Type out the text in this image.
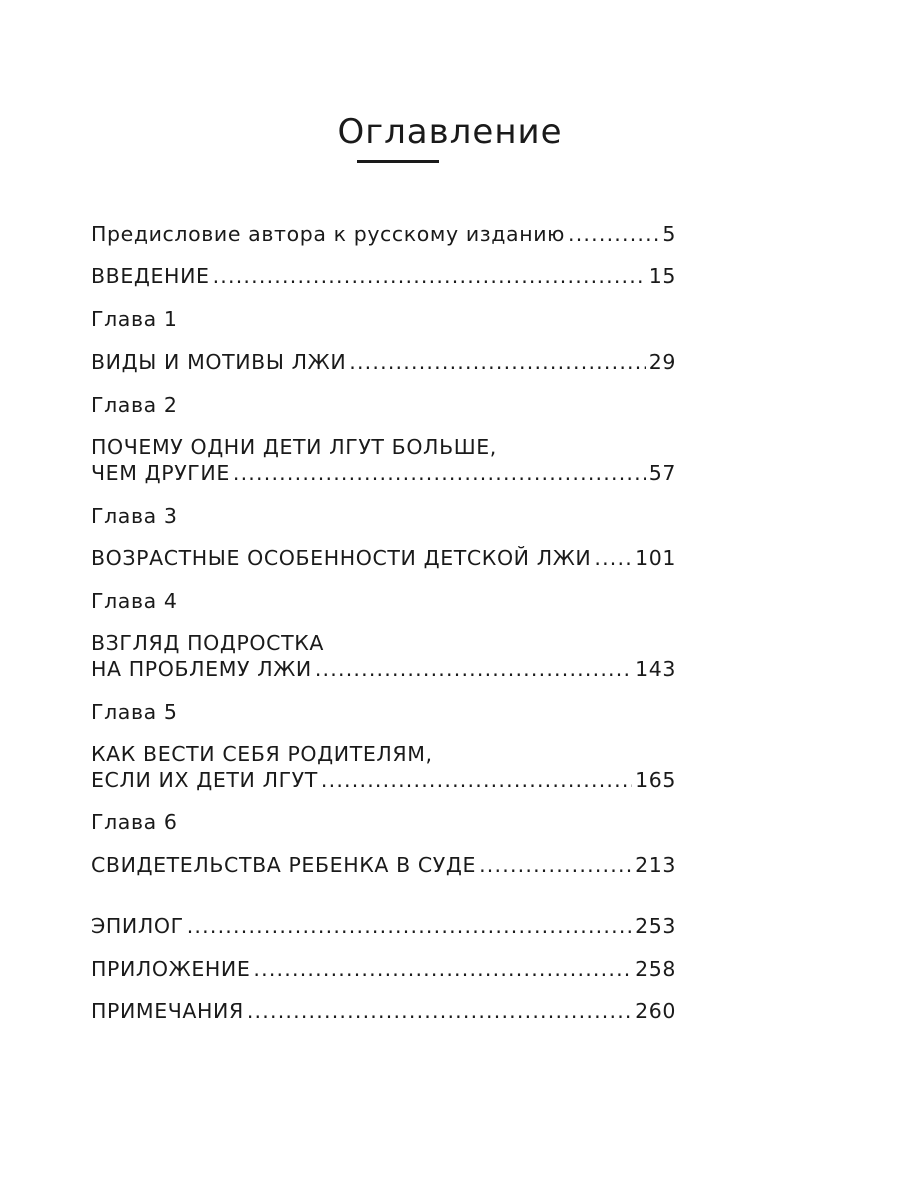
Оглавление
Предисловие автора к русскому изданию .....	5
ВВЕДЕНИЕ .....	15
Глава 1
ВИДЫ И МОТИВЫ ЛЖИ .....	29
Глава 2
ПОЧЕМУ ОДНИ ДЕТИ ЛГУТ БОЛЬШЕ,
ЧЕМ ДРУГИЕ .....	57
Глава 3
ВОЗРАСТНЫЕ ОСОБЕННОСТИ ДЕТСКОЙ ЛЖИ ..... 101
Глава 4
ВЗГЛЯД ПОДРОСТКА
НА ПРОБЛЕМУ ЛЖИ .....	143
Глава 5
КАК ВЕСТИ СЕБЯ РОДИТЕЛЯМ,
ЕСЛИ ИХ ДЕТИ ЛГУТ .....	165
Глава 6
СВИДЕТЕЛЬСТВА РЕБЕНКА В СУДЕ .....	213
ЭПИЛОГ .....	253
ПРИЛОЖЕНИЕ .....	258
ПРИМЕЧАНИЯ .....	260
